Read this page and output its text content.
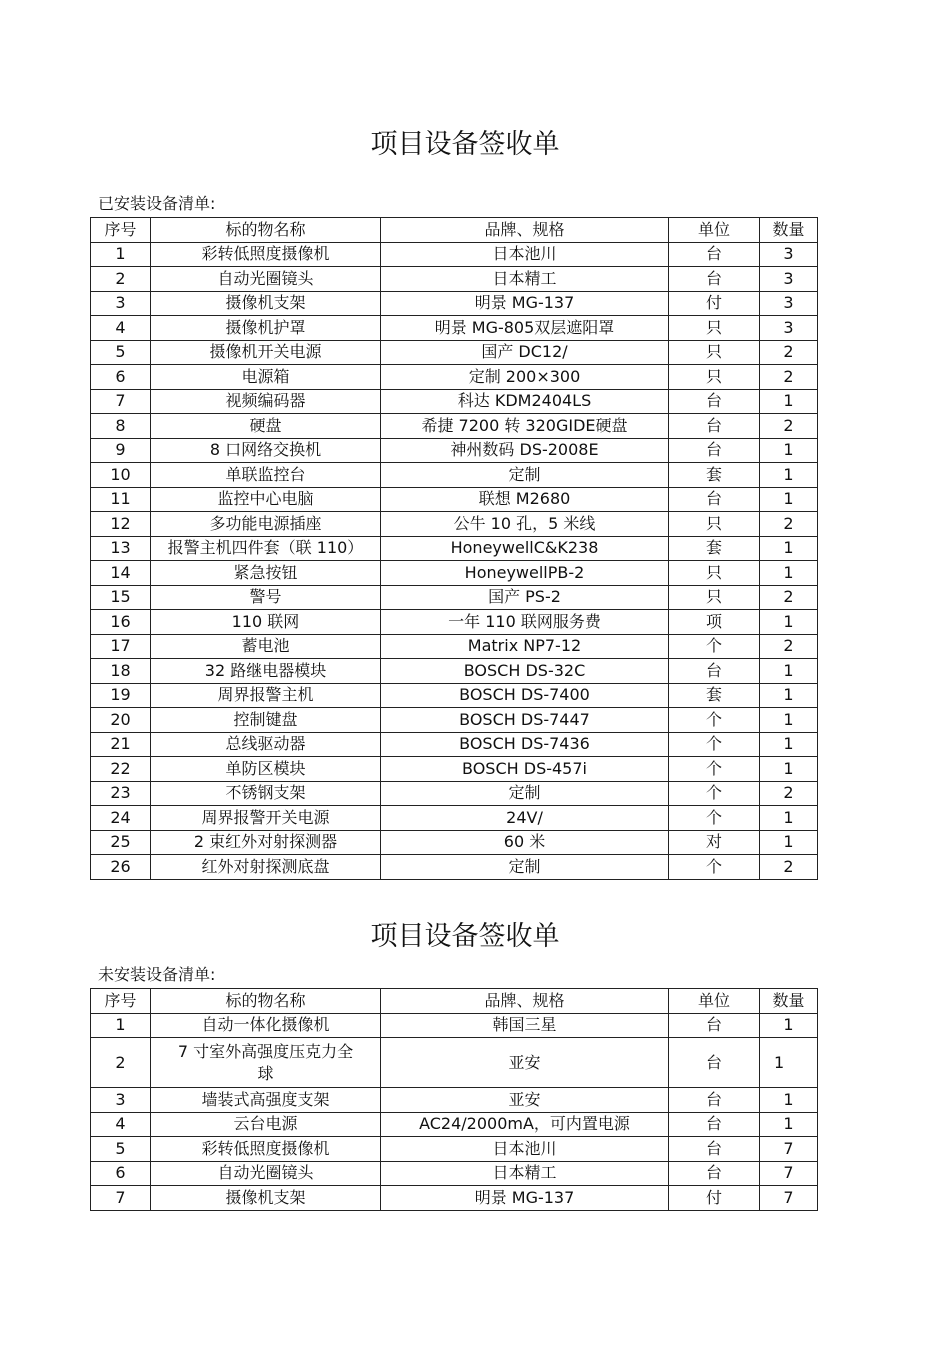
项目设备签收单
已安装设备清单:
序号	标的物名称	品牌、规格	单位	数量
1	彩转低照度摄像机	日本池川	台	3
2	自动光圈镜头	日本精工	台	3
3	摄像机支架	明景 MG-137	付	3
4	摄像机护罩	明景 MG-805双层遮阳罩	只	3
5	摄像机开关电源	国产 DC12/	只	2
6	电源箱	定制 200×300	只	2
7	视频编码器	科达 KDM2404LS	台	1
8	硬盘	希捷 7200 转 320GIDE硬盘	台	2
9	8 口网络交换机	神州数码 DS-2008E	台	1
10	单联监控台	定制	套	1
11	监控中心电脑	联想 M2680	台	1
12	多功能电源插座	公牛 10 孔，5 米线	只	2
13	报警主机四件套（联 110）	HoneywellC&K238	套	1
14	紧急按钮	HoneywellPB-2	只	1
15	警号	国产 PS-2	只	2
16	110 联网	一年 110 联网服务费	项	1
17	蓄电池	Matrix NP7-12	个	2
18	32 路继电器模块	BOSCH DS-32C	台	1
19	周界报警主机	BOSCH DS-7400	套	1
20	控制键盘	BOSCH DS-7447	个	1
21	总线驱动器	BOSCH DS-7436	个	1
22	单防区模块	BOSCH DS-457i	个	1
23	不锈钢支架	定制	个	2
24	周界报警开关电源	24V/	个	1
25	2 束红外对射探测器	60 米	对	1
26	红外对射探测底盘	定制	个	2
项目设备签收单
未安装设备清单:
序号	标的物名称	品牌、规格	单位	数量
1	自动一体化摄像机	韩国三星	台	1
2	7 寸室外高强度压克力全球	亚安	台	1
3	墙装式高强度支架	亚安	台	1
4	云台电源	AC24/2000mA，可内置电源	台	1
5	彩转低照度摄像机	日本池川	台	7
6	自动光圈镜头	日本精工	台	7
7	摄像机支架	明景 MG-137	付	7
